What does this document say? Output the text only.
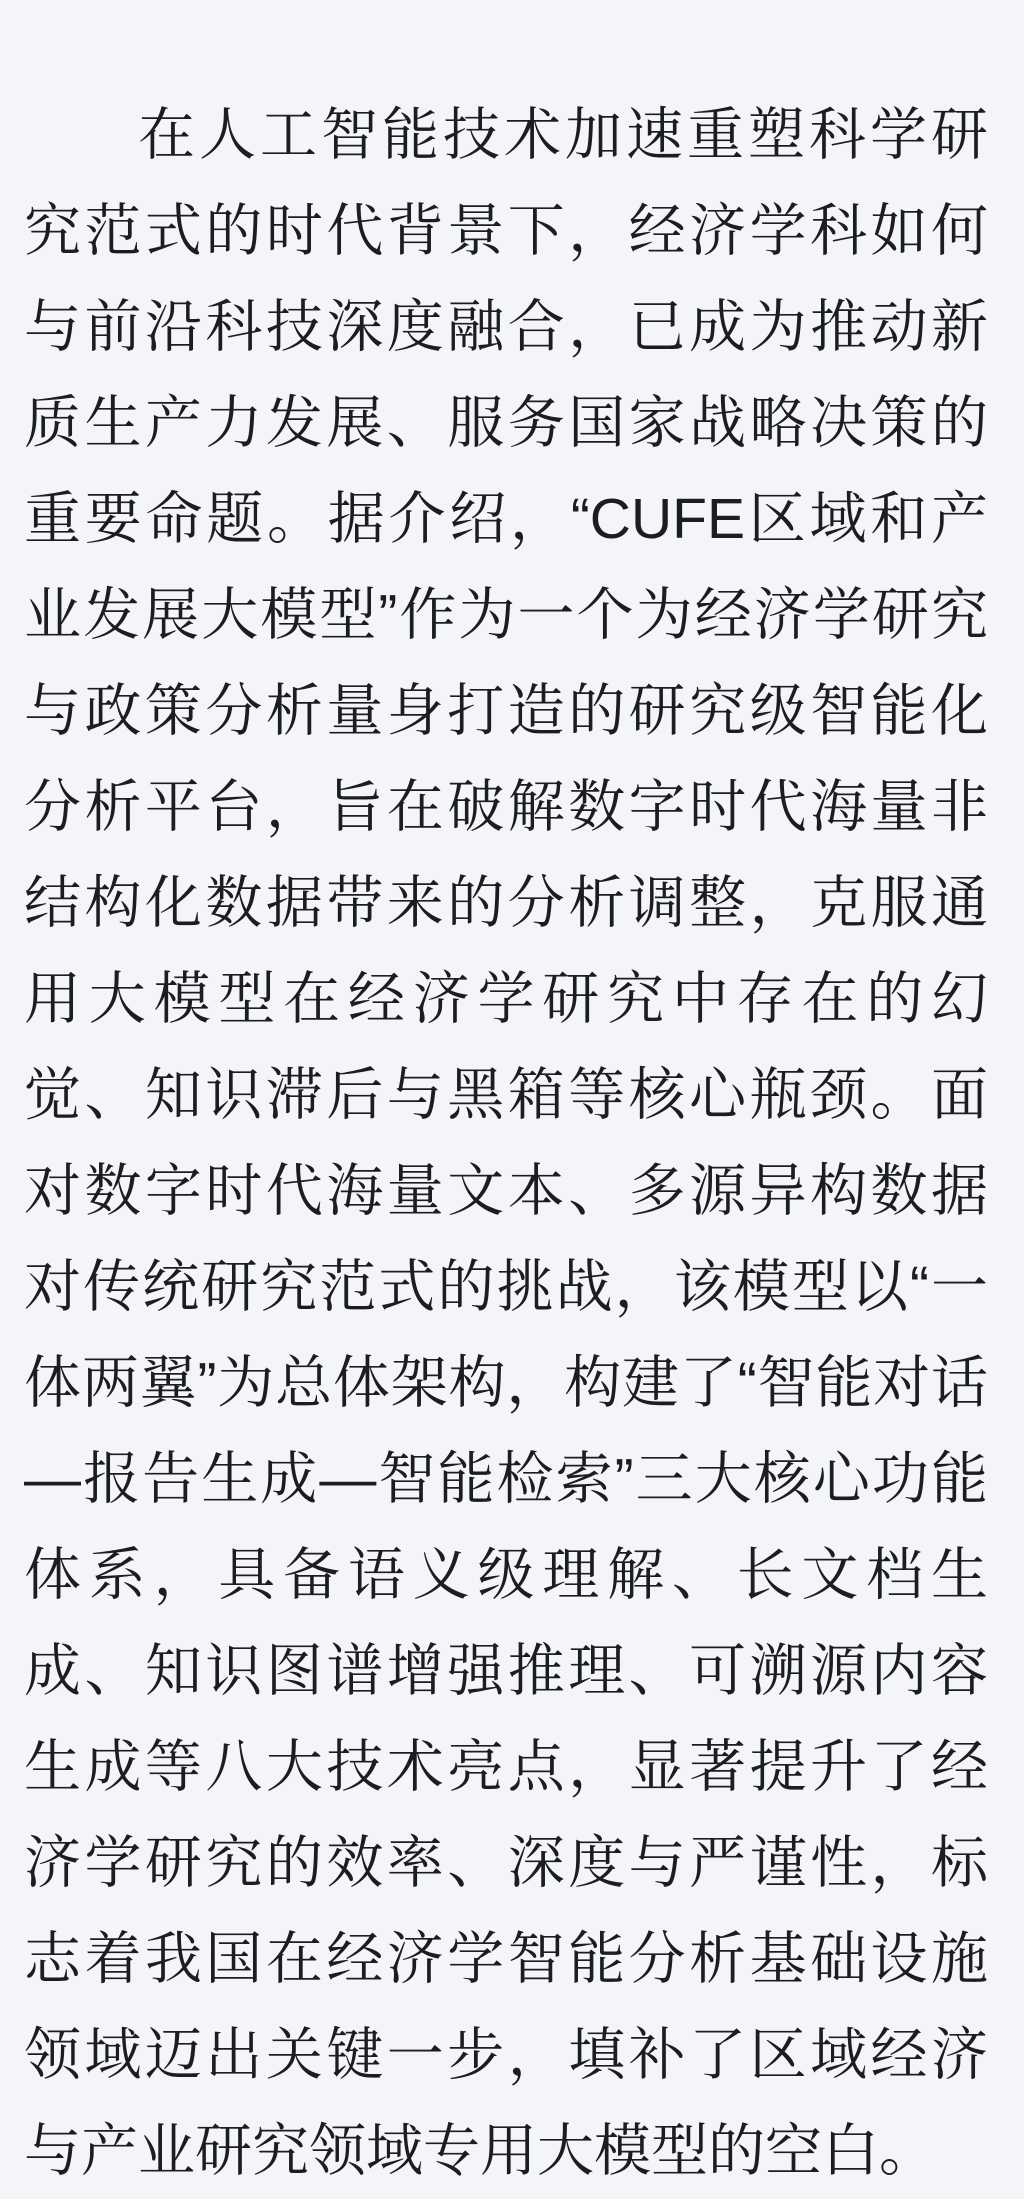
在人工智能技术加速重塑科学研究范式的时代背景下，经济学科如何与前沿科技深度融合，已成为推动新质生产力发展、服务国家战略决策的重要命题。据介绍，“CUFE区域和产业发展大模型”作为一个为经济学研究与政策分析量身打造的研究级智能化分析平台，旨在破解数字时代海量非结构化数据带来的分析调整，克服通用大模型在经济学研究中存在的幻觉、知识滞后与黑箱等核心瓶颈。面对数字时代海量文本、多源异构数据对传统研究范式的挑战，该模型以“一体两翼”为总体架构，构建了“智能对话—报告生成—智能检索”三大核心功能体系，具备语义级理解、长文档生成、知识图谱增强推理、可溯源内容生成等八大技术亮点，显著提升了经济学研究的效率、深度与严谨性，标志着我国在经济学智能分析基础设施领域迈出关键一步，填补了区域经济与产业研究领域专用大模型的空白。
